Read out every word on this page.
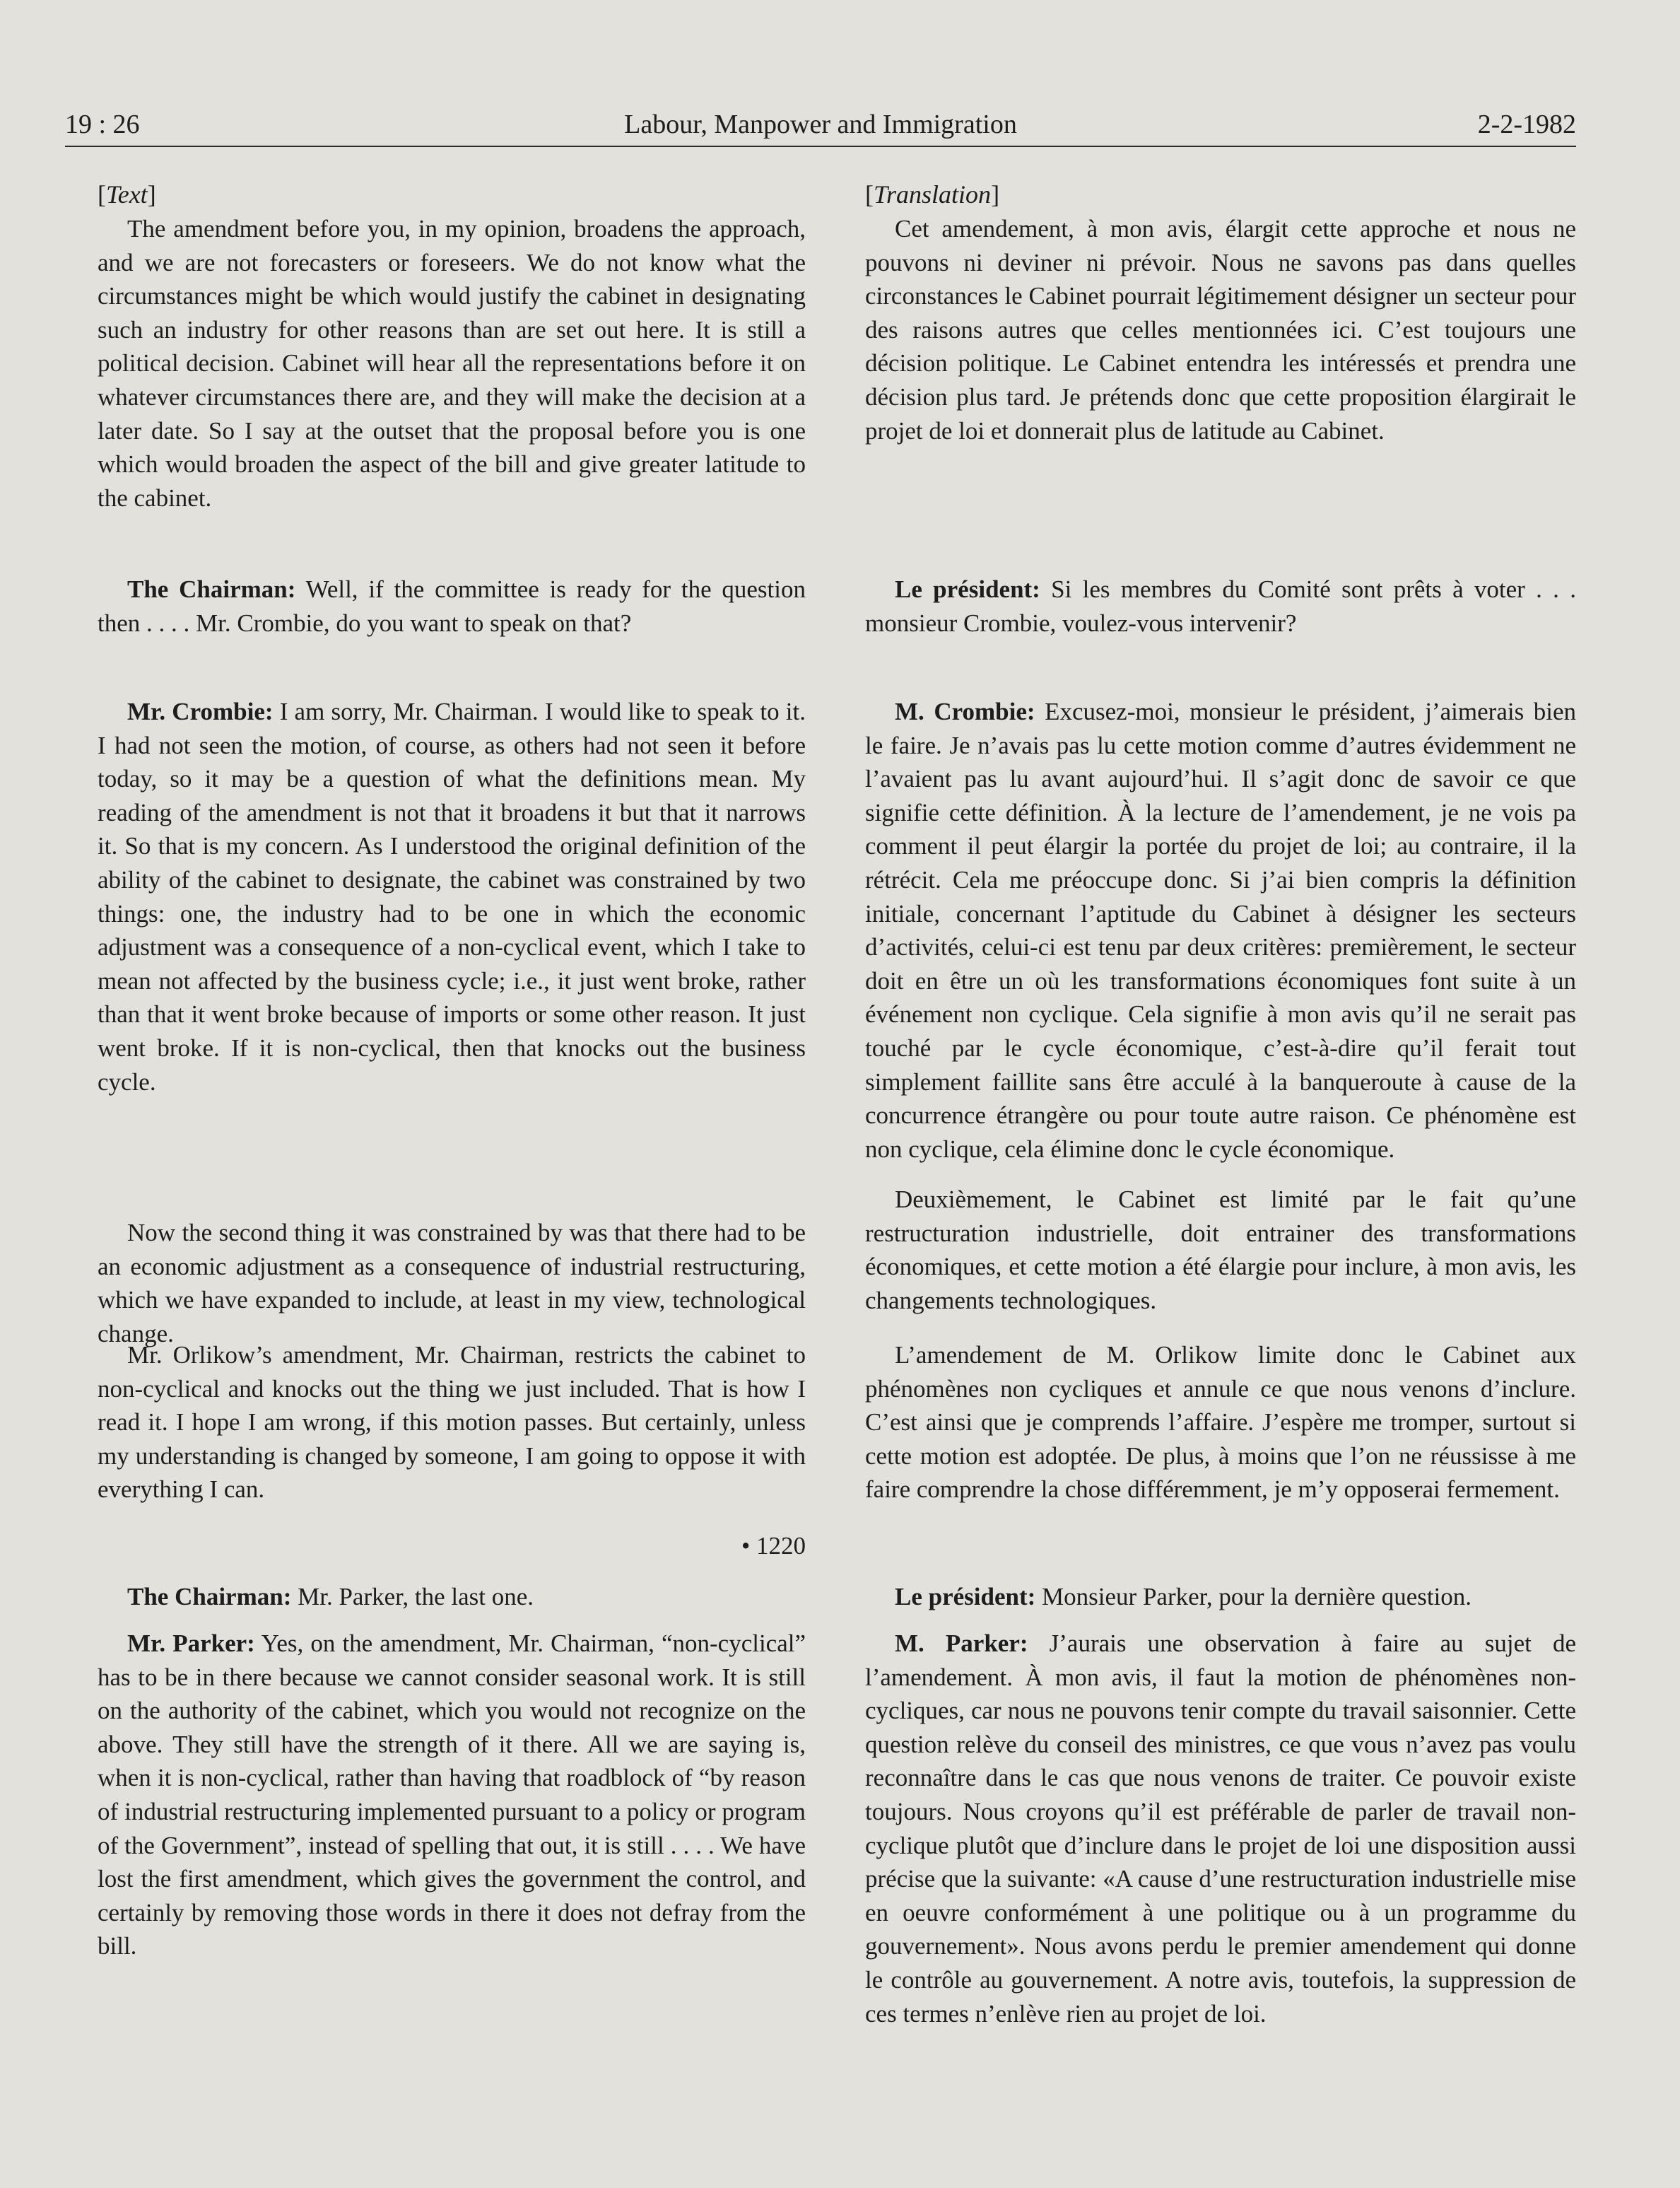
19 : 26	Labour, Manpower and Immigration	2-2-1982
[ Text ]

The amendment before you, in my opinion, broadens the approach, and we are not forecasters or foreseers. We do not know what the circumstances might be which would justify the cabinet in designating such an industry for other reasons than are set out here. It is still a political decision. Cabinet will hear all the representations before it on whatever circumstances there are, and they will make the decision at a later date. So I say at the outset that the proposal before you is one which would broaden the aspect of the bill and give greater latitude to the cabinet.

The Chairman: Well, if the committee is ready for the question then . . . . Mr. Crombie, do you want to speak on that?

Mr. Crombie: I am sorry, Mr. Chairman. I would like to speak to it. I had not seen the motion, of course, as others had not seen it before today, so it may be a question of what the definitions mean. My reading of the amendment is not that it broadens it but that it narrows it. So that is my concern. As I understood the original definition of the ability of the cabinet to designate, the cabinet was constrained by two things: one, the industry had to be one in which the economic adjustment was a consequence of a non-cyclical event, which I take to mean not affected by the business cycle; i.e., it just went broke, rather than that it went broke because of imports or some other reason. It just went broke. If it is non-cyclical, then that knocks out the business cycle.

Now the second thing it was constrained by was that there had to be an economic adjustment as a consequence of industrial restructuring, which we have expanded to include, at least in my view, technological change.

Mr. Orlikow’s amendment, Mr. Chairman, restricts the cabinet to non-cyclical and knocks out the thing we just included. That is how I read it. I hope I am wrong, if this motion passes. But certainly, unless my understanding is changed by someone, I am going to oppose it with everything I can.

• 1220

The Chairman: Mr. Parker, the last one.

Mr. Parker: Yes, on the amendment, Mr. Chairman, “non-cyclical” has to be in there because we cannot consider seasonal work. It is still on the authority of the cabinet, which you would not recognize on the above. They still have the strength of it there. All we are saying is, when it is non-cyclical, rather than having that roadblock of “by reason of industrial restructuring implemented pursuant to a policy or program of the Government”, instead of spelling that out, it is still . . . . We have lost the first amendment, which gives the government the control, and certainly by removing those words in there it does not defray from the bill.

[ Translation ]

Cet amendement, à mon avis, élargit cette approche et nous ne pouvons ni deviner ni prévoir. Nous ne savons pas dans quelles circonstances le Cabinet pourrait légitimement désigner un secteur pour des raisons autres que celles mentionnées ici. C’est toujours une décision politique. Le Cabinet entendra les intéressés et prendra une décision plus tard. Je prétends donc que cette proposition élargirait le projet de loi et donnerait plus de latitude au Cabinet.

Le président: Si les membres du Comité sont prêts à voter . . . monsieur Crombie, voulez-vous intervenir?

M. Crombie: Excusez-moi, monsieur le président, j’aimerais bien le faire. Je n’avais pas lu cette motion comme d’autres évidemment ne l’avaient pas lu avant aujourd’hui. Il s’agit donc de savoir ce que signifie cette définition. À la lecture de l’amendement, je ne vois pa comment il peut élargir la portée du projet de loi; au contraire, il la rétrécit. Cela me préoccupe donc. Si j’ai bien compris la définition initiale, concernant l’aptitude du Cabinet à désigner les secteurs d’activités, celui-ci est tenu par deux critères: premièrement, le secteur doit en être un où les transformations économiques font suite à un événement non cyclique. Cela signifie à mon avis qu’il ne serait pas touché par le cycle économique, c’est-à-dire qu’il ferait tout simplement faillite sans être acculé à la banqueroute à cause de la concurrence étrangère ou pour toute autre raison. Ce phénomène est non cyclique, cela élimine donc le cycle économique.

Deuxièmement, le Cabinet est limité par le fait qu’une restructuration industrielle, doit entrainer des transformations économiques, et cette motion a été élargie pour inclure, à mon avis, les changements technologiques.

L’amendement de M. Orlikow limite donc le Cabinet aux phénomènes non cycliques et annule ce que nous venons d’inclure. C’est ainsi que je comprends l’affaire. J’espère me tromper, surtout si cette motion est adoptée. De plus, à moins que l’on ne réussisse à me faire comprendre la chose différemment, je m’y opposerai fermement.

Le président: Monsieur Parker, pour la dernière question.

M. Parker: J’aurais une observation à faire au sujet de l’amendement. À mon avis, il faut la motion de phénomènes non-cycliques, car nous ne pouvons tenir compte du travail saisonnier. Cette question relève du conseil des ministres, ce que vous n’avez pas voulu reconnaître dans le cas que nous venons de traiter. Ce pouvoir existe toujours. Nous croyons qu’il est préférable de parler de travail non-cyclique plutôt que d’inclure dans le projet de loi une disposition aussi précise que la suivante: «A cause d’une restructuration industrielle mise en oeuvre conformément à une politique ou à un programme du gouvernement». Nous avons perdu le premier amendement qui donne le contrôle au gouvernement. A notre avis, toutefois, la suppression de ces termes n’enlève rien au projet de loi.
